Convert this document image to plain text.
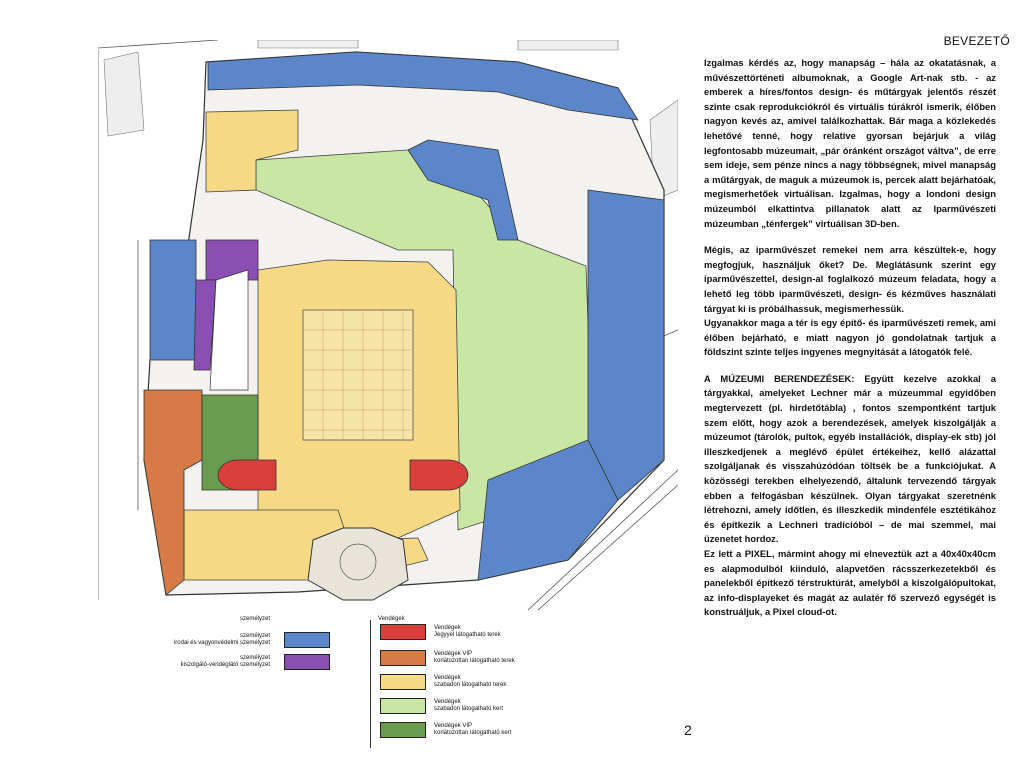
személyzet	Vendégek
személyzet
irodai és vagyonvédelmi személyzet
személyzet
kiszolgáló-vendéglátó személyzet
Vendégek
Jegyyel látogatható terek
Vendégek VIP
korlátozottan látogatható terek
Vendégek
szabadon látogatható terek
Vendégek
szabadon látogatható kert
Vendégek VIP
korlátozottan látogatható kert
BEVEZETŐ

Izgalmas kérdés az, hogy manapság – hála az okatatásnak, a művészettörténeti albumoknak, a Google Art-nak stb. - az emberek a híres/fontos design- és műtárgyak jelentős részét szinte csak reprodukciókról és virtuális túrákról ismerik, élőben nagyon kevés az, amivel találkozhattak. Bár maga a közlekedés lehetővé tenné, hogy relatíve gyorsan bejárjuk a világ legfontosabb múzeumait, „pár óránként országot váltva”, de erre sem ideje, sem pénze nincs a nagy többségnek, mivel manapság a műtárgyak, de maguk a múzeumok is, percek alatt bejárhatóak, megismerhetőek virtuálisan. Izgalmas, hogy a londoni design múzeumból elkattintva pillanatok alatt az Iparművészeti múzeumban „ténfergek” virtuálisan 3D-ben.

Mégis, az iparművészet remekei nem arra készültek-e, hogy megfogjuk, használjuk őket? De. Meglátásunk szerint egy iparművészettel, design-al foglalkozó múzeum feladata, hogy a lehető leg több iparművészeti, design- és kézműves használati tárgyat ki is próbálhassuk, megismerhessük.

Ugyanakkor maga a tér is egy építő- és iparművészeti remek, ami élőben bejárható, e miatt nagyon jó gondolatnak tartjuk a földszint szinte teljes ingyenes megnyitását a látogatók felé.

A MÚZEUMI BERENDEZÉSEK: Együtt kezelve azokkal a tárgyakkal, amelyeket Lechner már a múzeummal egyidőben megtervezett (pl. hirdetőtábla) , fontos szempontként tartjuk szem előtt, hogy azok a berendezések, amelyek kiszolgálják a múzeumot (tárolók, pultok, egyéb installációk, display-ek stb) jól illeszkedjenek a meglévő épület értékeihez, kellő alázattal szolgáljanak és visszahúzódóan töltsék be a funkciójukat. A közösségi terekben elhelyezendő, általunk tervezendő tárgyak ebben a felfogásban készülnek. Olyan tárgyakat szeretnénk létrehozni, amely időtlen, és illeszkedik mindenféle esztétikához és építkezik a Lechneri tradícióból – de mai szemmel, mai üzenetet hordoz.

Ez lett a PIXEL, mármint ahogy mi elneveztük azt a 40x40x40cm es alapmodulból kiinduló, alapvetően rácsszerkezetekből és panelekből építkező térstruktúrát, amelyből a kiszolgálópultokat, az info-displayeket és magát az aulatér fő szervező egységét is konstruáljuk, a Pixel cloud-ot.

2
